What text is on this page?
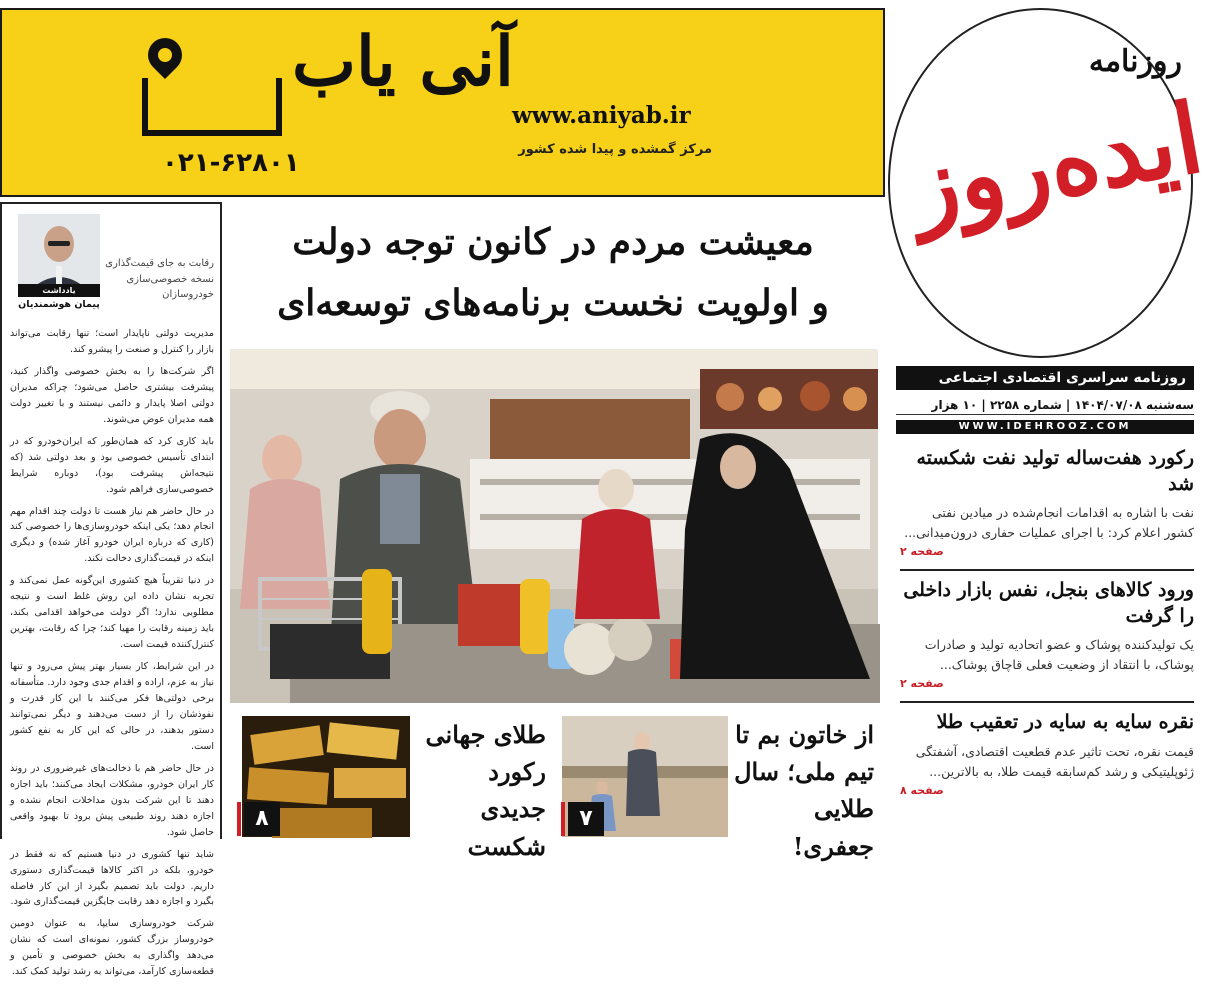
آنی یاب
www.aniyab.ir
مرکز گمشده و پیدا شده کشور
۰۲۱-۶۲۸۰۱
روزنامه
ایده‌روز
روزنامه سراسری اقتصادی اجتماعی
سه‌شنبه ۱۴۰۴/۰۷/۰۸ | شماره ۲۲۵۸ | ۱۰ هزار
WWW.IDEHROOZ.COM
رکورد هفت‌ساله تولید نفت شکسته شد

نفت با اشاره به اقدامات انجام‌شده در میادین نفتی کشور اعلام کرد: با اجرای عملیات حفاری درون‌میدانی...

صفحه ۲
ورود کالاهای بنجل، نفس بازار داخلی را گرفت

یک تولیدکننده پوشاک و عضو اتحادیه تولید و صادرات پوشاک، با انتقاد از وضعیت فعلی قاچاق پوشاک...

صفحه ۲
نقره سایه به سایه در تعقیب طلا

قیمت نقره، تحت تاثیر عدم قطعیت اقتصادی، آشفتگی ژئوپلیتیکی و رشد کم‌سابقه قیمت طلا، به بالاترین...

صفحه ۸
معیشت مردم در کانون توجه دولت
و اولویت نخست برنامه‌های توسعه‌ای
۷
از خاتون بم تا تیم ملی؛ سال طلایی جعفری!
۸
طلای جهانی رکورد جدیدی شکست
یادداشت
پیمان هوشمندیان
رقابت به جای قیمت‌گذاری نسخه خصوصی‌سازی خودروسازان

مدیریت دولتی ناپایدار است؛ تنها رقابت می‌تواند بازار را کنترل و صنعت را پیشرو کند.

اگر شرکت‌ها را به بخش خصوصی واگذار کنید، پیشرفت بیشتری حاصل می‌شود؛ چراکه مدیران دولتی اصلا پایدار و دائمی نیستند و با تغییر دولت همه مدیران عوض می‌شوند.

باید کاری کرد که همان‌طور که ایران‌خودرو که در ابتدای تأسیس خصوصی بود و بعد دولتی شد (که نتیجه‌اش پیشرفت بود)، دوباره شرایط خصوصی‌سازی فراهم شود.

در حال حاضر هم نیاز هست تا دولت چند اقدام مهم انجام دهد؛ یکی اینکه خودروسازی‌ها را خصوصی کند (کاری که درباره ایران خودرو آغاز شده) و دیگری اینکه در قیمت‌گذاری دخالت نکند.

در دنیا تقریباً هیچ کشوری این‌گونه عمل نمی‌کند و تجربه نشان داده این روش غلط است و نتیجه مطلوبی ندارد؛ اگر دولت می‌خواهد اقدامی بکند، باید زمینه رقابت را مهیا کند؛ چرا که رقابت، بهترین کنترل‌کننده قیمت است.

در این شرایط، کار بسیار بهتر پیش می‌رود و تنها نیاز به عزم، اراده و اقدام جدی وجود دارد. متأسفانه برخی دولتی‌ها فکر می‌کنند با این کار قدرت و نفوذشان را از دست می‌دهند و دیگر نمی‌توانند دستور بدهند، در حالی که این کار به نفع کشور است.

در حال حاضر هم با دخالت‌های غیرضروری در روند کار ایران خودرو، مشکلات ایجاد می‌کنند؛ باید اجازه دهند تا این شرکت بدون مداخلات انجام نشده و اجازه دهند روند طبیعی پیش برود تا بهبود واقعی حاصل شود.

شاید تنها کشوری در دنیا هستیم که نه فقط در خودرو، بلکه در اکثر کالاها قیمت‌گذاری دستوری داریم. دولت باید تصمیم بگیرد از این کار فاصله بگیرد و اجازه دهد رقابت جایگزین قیمت‌گذاری شود.

شرکت خودروسازی سایپا، به عنوان دومین خودروساز بزرگ کشور، نمونه‌ای است که نشان می‌دهد واگذاری به بخش خصوصی و تأمین و قطعه‌سازی کارآمد، می‌تواند به رشد تولید کمک کند.
